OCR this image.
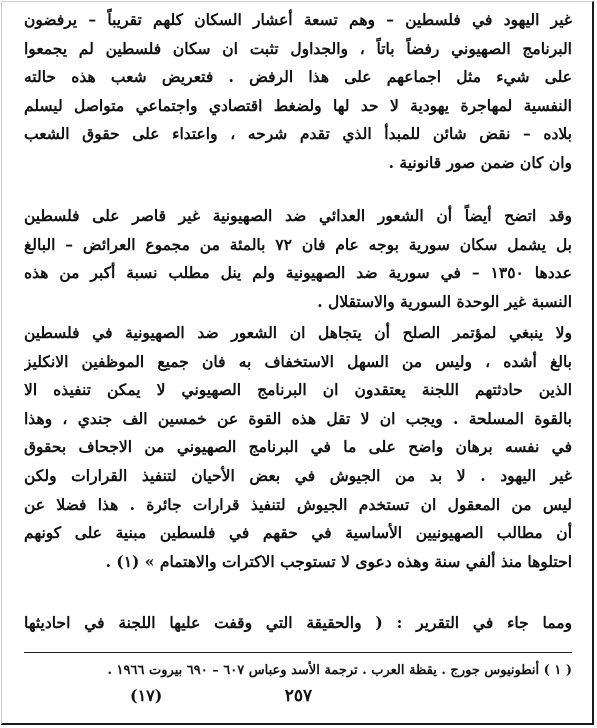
غير اليهود في فلسطين – وهم تسعة أعشار السكان كلهم تقريباً – يرفضون
البرنامج الصهيوني رفضاً باتاً ، والجداول تثبت ان سكان فلسطين لم يجمعوا
على شيء مثل اجماعهم على هذا الرفض . فتعريض شعب هذه حالته
النفسية لمهاجرة يهودية لا حد لها ولضغط اقتصادي واجتماعي متواصل ليسلم
بلاده – نقض شائن للمبدأ الذي تقدم شرحه ، واعتداء على حقوق الشعب
وان كان ضمن صور قانونية .
وقد اتضح أيضاً أن الشعور العدائي ضد الصهيونية غير قاصر على فلسطين
بل يشمل سكان سورية بوجه عام فان ٧٢ بالمئة من مجموع العرائض – البالغ
عددها ١٣٥٠ – في سورية ضد الصهيونية ولم ينل مطلب نسبة أكبر من هذه
النسبة غير الوحدة السورية والاستقلال .
ولا ينبغي لمؤتمر الصلح أن يتجاهل ان الشعور ضد الصهيونية في فلسطين
بالغ أشده ، وليس من السهل الاستخفاف به فان جميع الموظفين الانكليز
الذين حادثتهم اللجنة يعتقدون ان البرنامج الصهيوني لا يمكن تنفيذه الا
بالقوة المسلحة . ويجب ان لا تقل هذه القوة عن خمسين الف جندي ، وهذا
في نفسه برهان واضح على ما في البرنامج الصهيوني من الاجحاف بحقوق
غير اليهود . لا بد من الجيوش في بعض الأحيان لتنفيذ القرارات ولكن
ليس من المعقول ان تستخدم الجيوش لتنفيذ قرارات جائرة . هذا فضلا عن
أن مطالب الصهيونيين الأساسية في حقهم في فلسطين مبنية على كونهم
احتلوها منذ ألفي سنة وهذه دعوى لا تستوجب الاكترات والاهتمام » (١) .
ومما جاء في التقرير : ( والحقيقة التي وقفت عليها اللجنة في احاديثها
( ١ ) أنطونيوس جورج . يقظة العرب . ترجمة الأسد وعباس ٦٠٧ – ٦٩٠ بيروت ١٩٦٦ .
٢٥٧
(١٧)
